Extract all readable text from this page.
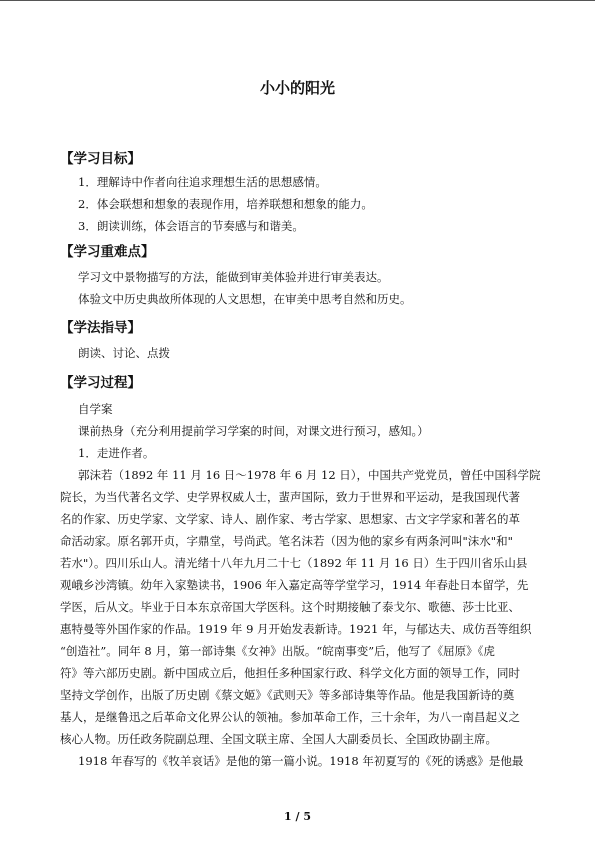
小小的阳光
【学习目标】
1．理解诗中作者向往追求理想生活的思想感情。
2．体会联想和想象的表现作用，培养联想和想象的能力。
3．朗读训练，体会语言的节奏感与和谐美。
【学习重难点】
学习文中景物描写的方法，能做到审美体验并进行审美表达。
体验文中历史典故所体现的人文思想，在审美中思考自然和历史。
【学法指导】
朗读、讨论、点拨
【学习过程】
自学案
课前热身（充分利用提前学习学案的时间，对课文进行预习，感知。）
1．走进作者。
郭沫若（1892 年 11 月 16 日～1978 年 6 月 12 日），中国共产党党员，曾任中国科学院
院长，为当代著名文学、史学界权威人士，蜚声国际，致力于世界和平运动，是我国现代著
名的作家、历史学家、文学家、诗人、剧作家、考古学家、思想家、古文字学家和著名的革
命活动家。原名郭开贞，字鼎堂，号尚武。笔名沫若（因为他的家乡有两条河叫"沫水"和"
若水"）。四川乐山人。清光绪十八年九月二十七（1892 年 11 月 16 日）生于四川省乐山县
观峨乡沙湾镇。幼年入家塾读书，1906 年入嘉定高等学堂学习，1914 年春赴日本留学，先
学医，后从文。毕业于日本东京帝国大学医科。这个时期接触了泰戈尔、歌德、莎士比亚、
惠特曼等外国作家的作品。1919 年 9 月开始发表新诗。1921 年，与郁达夫、成仿吾等组织
“创造社”。同年 8 月，第一部诗集《女神》出版。“皖南事变”后，他写了《屈原》《虎
符》等六部历史剧。新中国成立后，他担任多种国家行政、科学文化方面的领导工作，同时
坚持文学创作，出版了历史剧《蔡文姬》《武则天》等多部诗集等作品。他是我国新诗的奠
基人，是继鲁迅之后革命文化界公认的领袖。参加革命工作，三十余年，为八一南昌起义之
核心人物。历任政务院副总理、全国文联主席、全国人大副委员长、全国政协副主席。
1918 年春写的《牧羊哀话》是他的第一篇小说。1918 年初夏写的《死的诱惑》是他最
1 / 5
